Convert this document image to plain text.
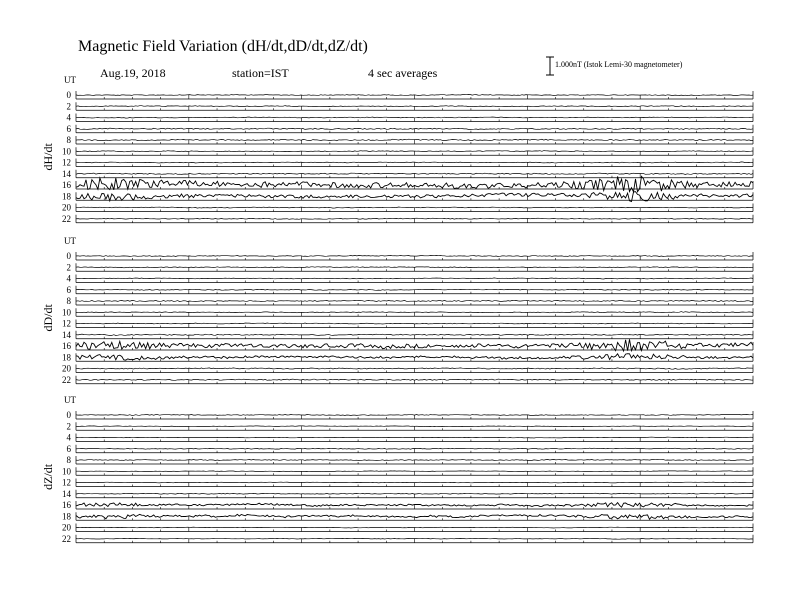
Magnetic Field Variation (dH/dt,dD/dt,dZ/dt)
Aug.19, 2018	station=IST	4 sec averages
1.000nT (Istok Lemi-30 magnetometer)
UT
dH/dt
0
2
4
6
8
10
12
14
16
18
20
22
UT
dD/dt
0
2
4
6
8
10
12
14
16
18
20
22
UT
dZ/dt
0
2
4
6
8
10
12
14
16
18
20
22
